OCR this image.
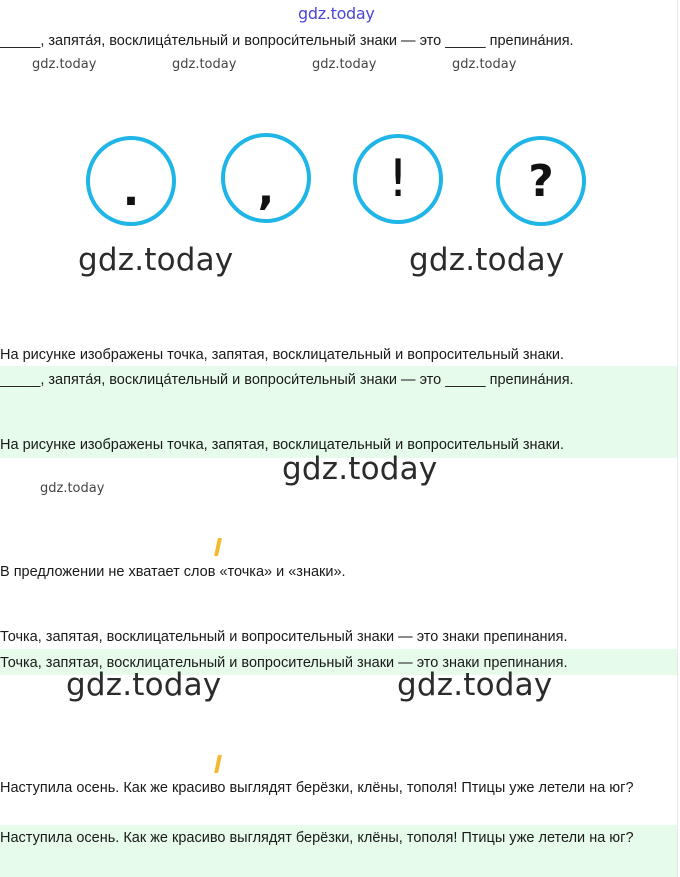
gdz.today
_____, запята́я, восклица́тельный и вопроси́тельный знаки — это _____ препина́ния.
gdz.today	gdz.today	gdz.today	gdz.today
.	, !	?
gdz.today	gdz.today
На рисунке изображены точка, запятая, восклицательный и вопросительный знаки.
_____, запята́я, восклица́тельный и вопроси́тельный знаки — это _____ препина́ния.
На рисунке изображены точка, запятая, восклицательный и вопросительный знаки.
gdz.today
gdz.today
В предложении не хватает слов «точка» и «знаки».
Точка, запятая, восклицательный и вопросительный знаки — это знаки препинания.
Точка, запятая, восклицательный и вопросительный знаки — это знаки препинания.
gdz.today	gdz.today
Наступила осень. Как же красиво выглядят берёзки, клёны, тополя! Птицы уже летели на юг?
Наступила осень. Как же красиво выглядят берёзки, клёны, тополя! Птицы уже летели на юг?
